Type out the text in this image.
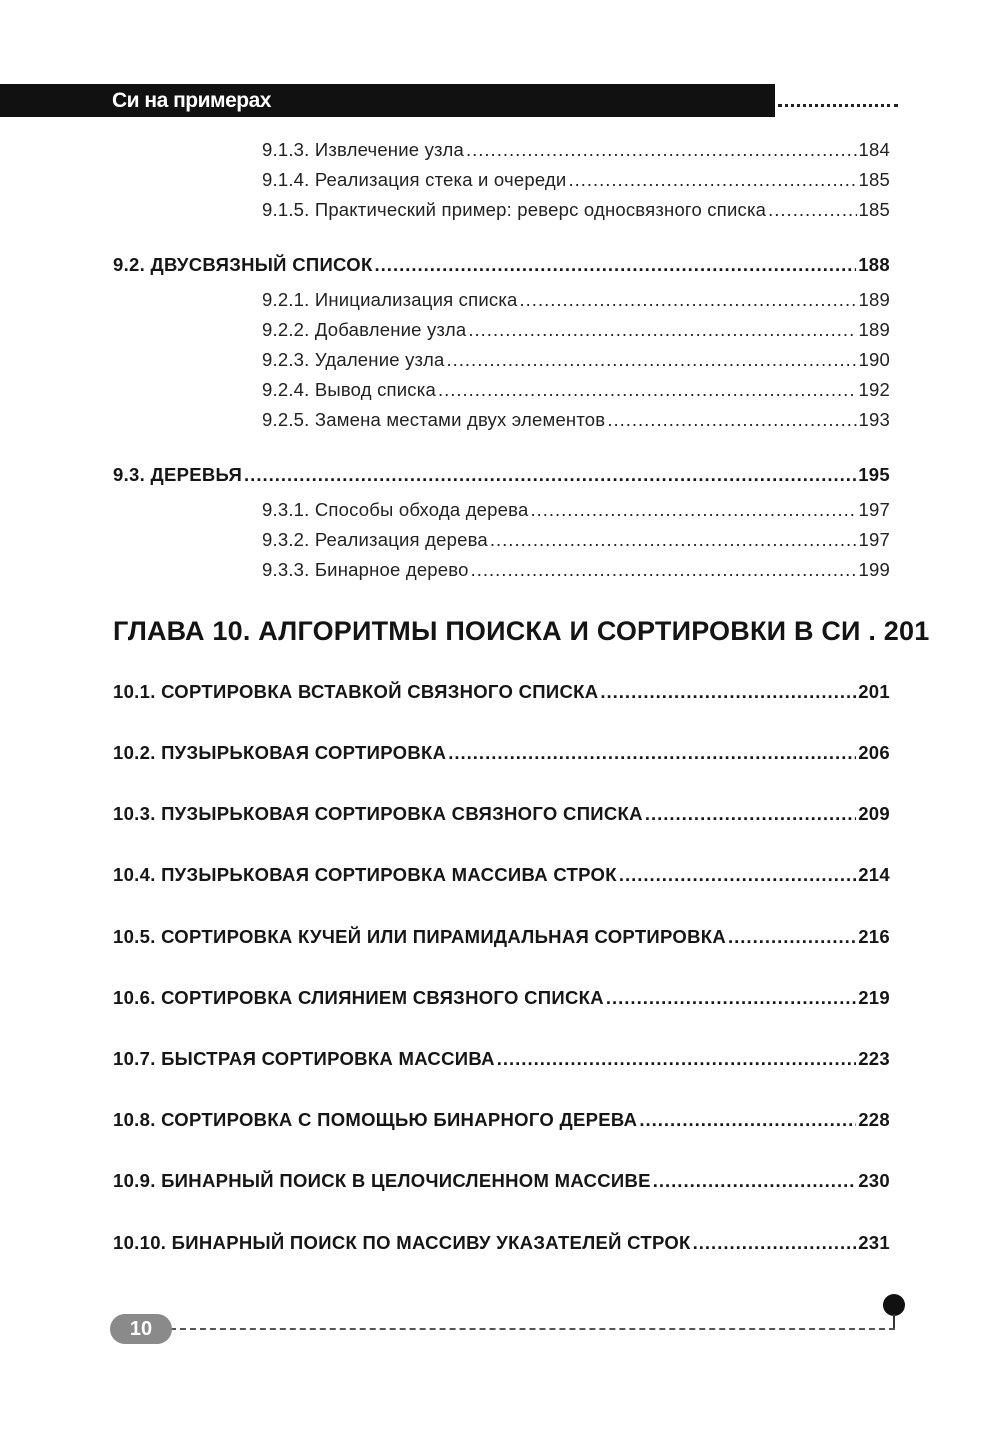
Си на примерах
9.1.3. Извлечение узла .....	184
9.1.4. Реализация стека и очереди .....	185
9.1.5. Практический пример: реверс односвязного списка .....	185
9.2. ДВУСВЯЗНЫЙ СПИСОК .....	188
9.2.1. Инициализация списка .....	189
9.2.2. Добавление узла .....	189
9.2.3. Удаление узла .....	190
9.2.4. Вывод списка .....	192
9.2.5. Замена местами двух элементов .....	193
9.3. ДЕРЕВЬЯ .....	195
9.3.1. Способы обхода дерева .....	197
9.3.2. Реализация дерева .....	197
9.3.3. Бинарное дерево .....	199
ГЛАВА 10. АЛГОРИТМЫ ПОИСКА И СОРТИРОВКИ В СИ . 201
10.1. СОРТИРОВКА ВСТАВКОЙ СВЯЗНОГО СПИСКА .....	201
10.2. ПУЗЫРЬКОВАЯ СОРТИРОВКА .....	206
10.3. ПУЗЫРЬКОВАЯ СОРТИРОВКА СВЯЗНОГО СПИСКА .....	209
10.4. ПУЗЫРЬКОВАЯ СОРТИРОВКА МАССИВА СТРОК .....	214
10.5. СОРТИРОВКА КУЧЕЙ ИЛИ ПИРАМИДАЛЬНАЯ СОРТИРОВКА .....	216
10.6. СОРТИРОВКА СЛИЯНИЕМ СВЯЗНОГО СПИСКА .....	219
10.7. БЫСТРАЯ СОРТИРОВКА МАССИВА .....	223
10.8. СОРТИРОВКА С ПОМОЩЬЮ БИНАРНОГО ДЕРЕВА .....	228
10.9. БИНАРНЫЙ ПОИСК В ЦЕЛОЧИСЛЕННОМ МАССИВЕ .....	230
10.10. БИНАРНЫЙ ПОИСК ПО МАССИВУ УКАЗАТЕЛЕЙ СТРОК .....	231
10
